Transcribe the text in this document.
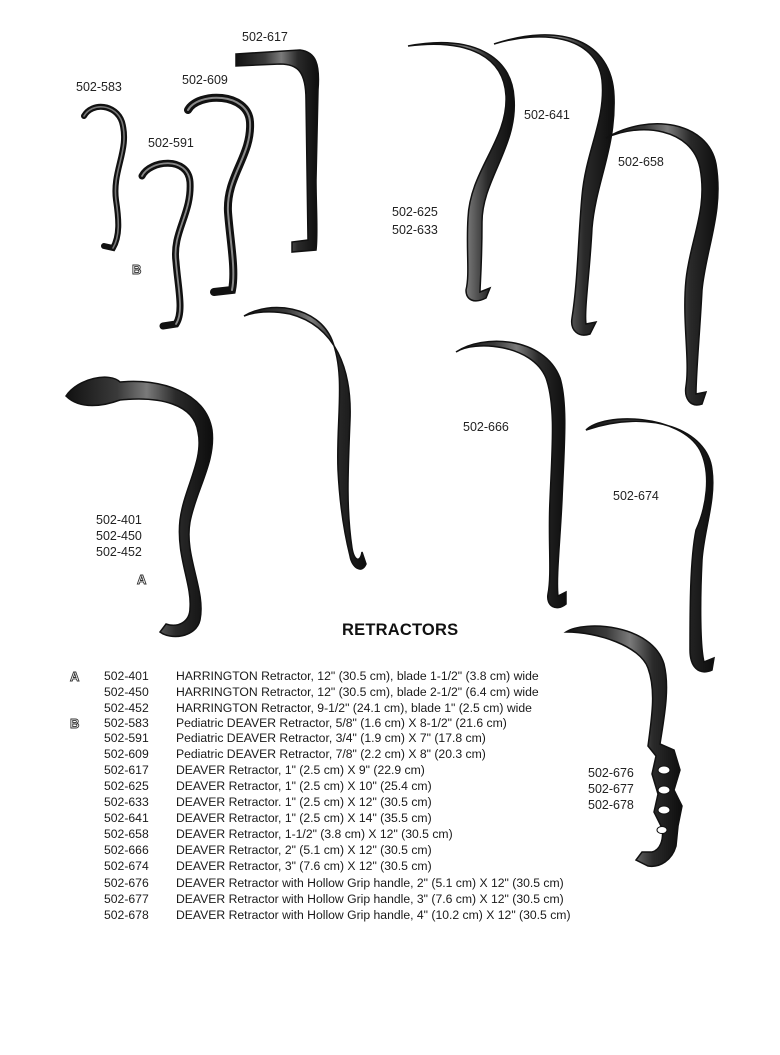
502-617
502-583	502-609
502-591
B
502-641
502-658
502-625
502-633
502-666
502-674
502-401
502-450
502-452
A
502-676
502-677
502-678
RETRACTORS
A 502-401	HARRINGTON Retractor, 12" (30.5 cm), blade 1-1/2" (3.8 cm) wide
502-450	HARRINGTON Retractor, 12" (30.5 cm), blade 2-1/2" (6.4 cm) wide
502-452	HARRINGTON Retractor, 9-1/2" (24.1 cm), blade 1" (2.5 cm) wide
B 502-583	Pediatric DEAVER Retractor, 5/8" (1.6 cm) X 8-1/2" (21.6 cm)
502-591	Pediatric DEAVER Retractor, 3/4" (1.9 cm) X 7" (17.8 cm)
502-609	Pediatric DEAVER Retractor, 7/8" (2.2 cm) X 8" (20.3 cm)
502-617	DEAVER Retractor, 1" (2.5 cm) X 9" (22.9 cm)
502-625	DEAVER Retractor, 1" (2.5 cm) X 10" (25.4 cm)
502-633	DEAVER Retractor. 1" (2.5 cm) X 12" (30.5 cm)
502-641	DEAVER Retractor, 1" (2.5 cm) X 14" (35.5 cm)
502-658	DEAVER Retractor, 1-1/2" (3.8 cm) X 12" (30.5 cm)
502-666	DEAVER Retractor, 2" (5.1 cm) X 12" (30.5 cm)
502-674	DEAVER Retractor, 3" (7.6 cm) X 12" (30.5 cm)
502-676	DEAVER Retractor with Hollow Grip handle, 2" (5.1 cm) X 12" (30.5 cm)
502-677	DEAVER Retractor with Hollow Grip handle, 3" (7.6 cm) X 12" (30.5 cm)
502-678	DEAVER Retractor with Hollow Grip handle, 4" (10.2 cm) X 12" (30.5 cm)
